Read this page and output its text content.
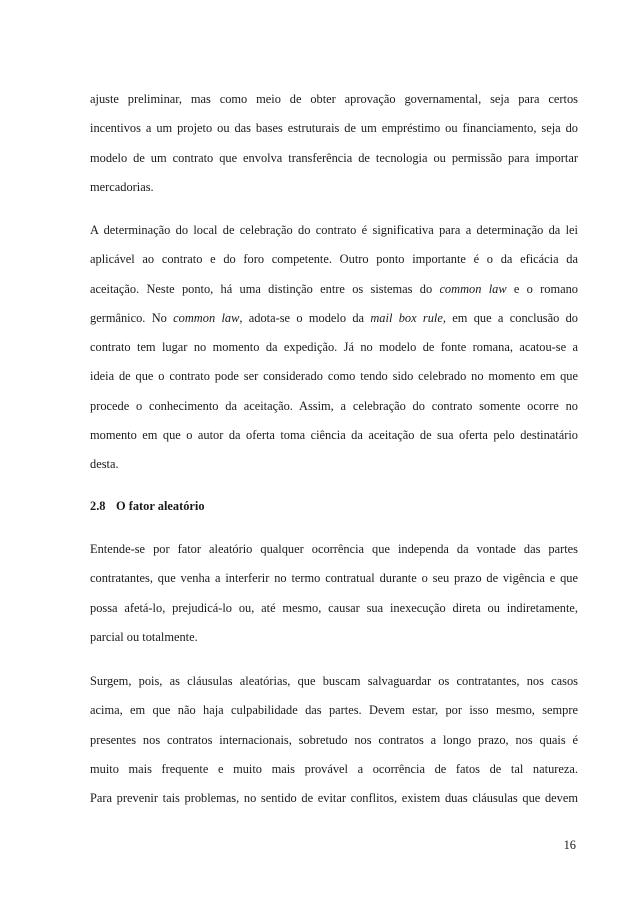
ajuste preliminar, mas como meio de obter aprovação governamental, seja para certos
incentivos a um projeto ou das bases estruturais de um empréstimo ou financiamento, seja do
modelo de um contrato que envolva transferência de tecnologia ou permissão para importar
mercadorias.
A determinação do local de celebração do contrato é significativa para a determinação da lei
aplicável ao contrato e do foro competente. Outro ponto importante é o da eficácia da
aceitação. Neste ponto, há uma distinção entre os sistemas do common law e o romano
germânico. No common law, adota-se o modelo da mail box rule, em que a conclusão do
contrato tem lugar no momento da expedição. Já no modelo de fonte romana, acatou-se a
ideia de que o contrato pode ser considerado como tendo sido celebrado no momento em que
procede o conhecimento da aceitação. Assim, a celebração do contrato somente ocorre no
momento em que o autor da oferta toma ciência da aceitação de sua oferta pelo destinatário
desta.
2.8 O fator aleatório
Entende-se por fator aleatório qualquer ocorrência que independa da vontade das partes
contratantes, que venha a interferir no termo contratual durante o seu prazo de vigência e que
possa afetá-lo, prejudicá-lo ou, até mesmo, causar sua inexecução direta ou indiretamente,
parcial ou totalmente.
Surgem, pois, as cláusulas aleatórias, que buscam salvaguardar os contratantes, nos casos
acima, em que não haja culpabilidade das partes. Devem estar, por isso mesmo, sempre
presentes nos contratos internacionais, sobretudo nos contratos a longo prazo, nos quais é
muito mais frequente e muito mais provável a ocorrência de fatos de tal natureza.
Para prevenir tais problemas, no sentido de evitar conflitos, existem duas cláusulas que devem
16
